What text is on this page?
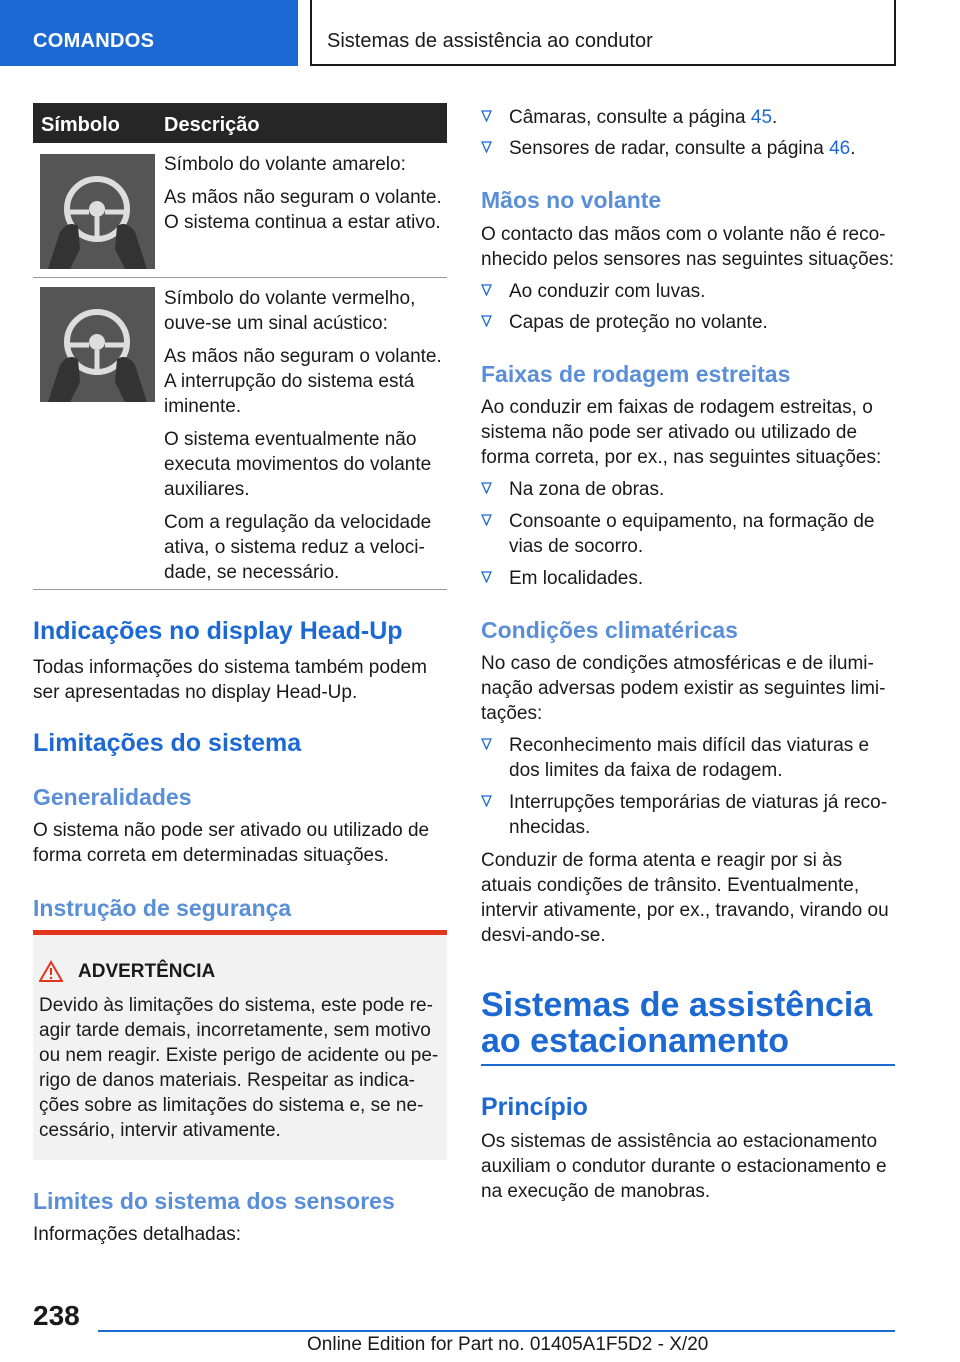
COMANDOS	Sistemas de assistência ao condutor
Símbolo Descrição

Símbolo do volante amarelo:

As mãos não seguram o volante. O sistema continua a estar ativo.

Símbolo do volante vermelho, ouve-se um sinal acústico:

As mãos não seguram o volante. A interrupção do sistema está iminente.

O sistema eventualmente não executa movimentos do volante auxiliares.

Com a regulação da velocidade ativa, o sistema reduz a veloci-dade, se necessário.

Indicações no display Head-Up
Todas informações do sistema também podem ser apresentadas no display Head-Up.
Limitações do sistema
Generalidades
O sistema não pode ser ativado ou utilizado de forma correta em determinadas situações.
Instrução de segurança
ADVERTÊNCIA
Devido às limitações do sistema, este pode re-agir tarde demais, incorretamente, sem motivo ou nem reagir. Existe perigo de acidente ou pe-rigo de danos materiais. Respeitar as indica-ções sobre as limitações do sistema e, se ne-cessário, intervir ativamente.
Limites do sistema dos sensores
Informações detalhadas:
Câmaras, consulte a página 45.
Sensores de radar, consulte a página 46.
Mãos no volante
O contacto das mãos com o volante não é reco-nhecido pelos sensores nas seguintes situações:
Ao conduzir com luvas.
Capas de proteção no volante.
Faixas de rodagem estreitas
Ao conduzir em faixas de rodagem estreitas, o sistema não pode ser ativado ou utilizado de forma correta, por ex., nas seguintes situações:
Na zona de obras.
Consoante o equipamento, na formação de vias de socorro.
Em localidades.
Condições climatéricas
No caso de condições atmosféricas e de ilumi-nação adversas podem existir as seguintes limi-tações:
Reconhecimento mais difícil das viaturas e dos limites da faixa de rodagem.
Interrupções temporárias de viaturas já reco-nhecidas.
Conduzir de forma atenta e reagir por si às atuais condições de trânsito. Eventualmente, intervir ativamente, por ex., travando, virando ou desvi-ando-se.
Sistemas de assistência ao estacionamento
Princípio
Os sistemas de assistência ao estacionamento auxiliam o condutor durante o estacionamento e na execução de manobras.
238
Online Edition for Part no. 01405A1F5D2 - X/20
